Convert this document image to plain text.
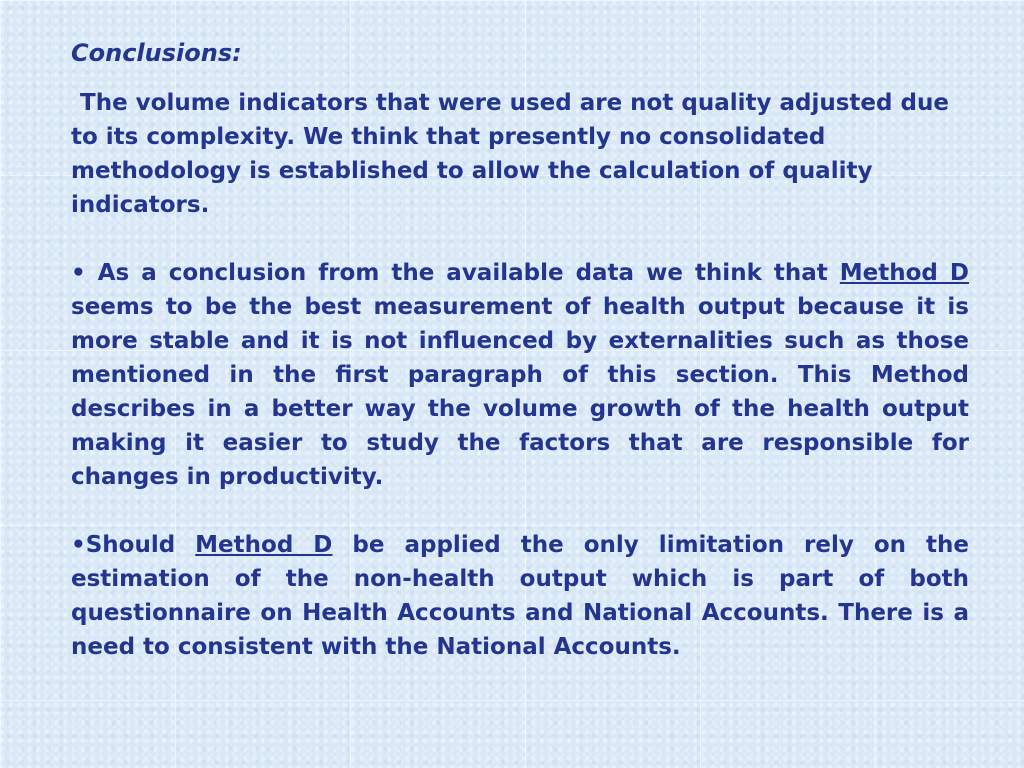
Conclusions:

The volume indicators that were used are not quality adjusted due to its complexity. We think that presently no consolidated methodology is established to allow the calculation of quality indicators.

• As a conclusion from the available data we think that Method D seems to be the best measurement of health output because it is more stable and it is not influenced by externalities such as those mentioned in the first paragraph of this section. This Method describes in a better way the volume growth of the health output making it easier to study the factors that are responsible for changes in productivity.

•Should Method D be applied the only limitation rely on the estimation of the non-health output which is part of both questionnaire on Health Accounts and National Accounts. There is a need to consistent with the National Accounts.
